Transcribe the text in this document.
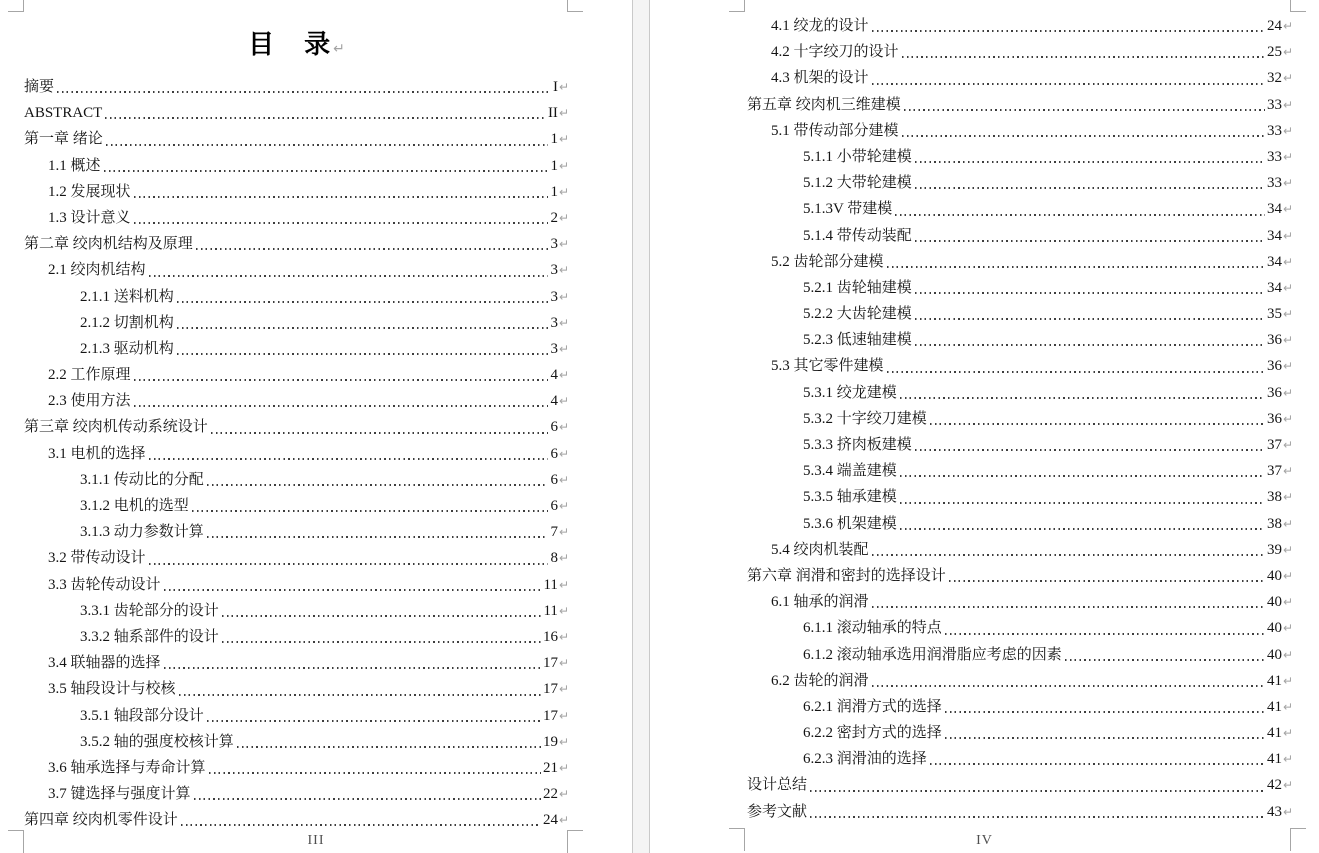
目　录↵
摘要	I ↵
ABSTRACT	II ↵
第一章 绪论	1 ↵
1.1 概述	1 ↵
1.2 发展现状	1 ↵
1.3 设计意义	2 ↵
第二章 绞肉机结构及原理	3 ↵
2.1 绞肉机结构	3 ↵
2.1.1 送料机构	3 ↵
2.1.2 切割机构	3 ↵
2.1.3 驱动机构	3 ↵
2.2 工作原理	4 ↵
2.3 使用方法	4 ↵
第三章 绞肉机传动系统设计	6 ↵
3.1 电机的选择	6 ↵
3.1.1 传动比的分配	6 ↵
3.1.2 电机的选型	6 ↵
3.1.3 动力参数计算	7 ↵
3.2 带传动设计	8 ↵
3.3 齿轮传动设计	11 ↵
3.3.1 齿轮部分的设计	11 ↵
3.3.2 轴系部件的设计	16 ↵
3.4 联轴器的选择	17 ↵
3.5 轴段设计与校核	17 ↵
3.5.1 轴段部分设计	17 ↵
3.5.2 轴的强度校核计算	19 ↵
3.6 轴承选择与寿命计算	21 ↵
3.7 键选择与强度计算	22 ↵
第四章 绞肉机零件设计	24 ↵
III
4.1 绞龙的设计	24 ↵
4.2 十字绞刀的设计	25 ↵
4.3 机架的设计	32 ↵
第五章 绞肉机三维建模	33 ↵
5.1 带传动部分建模	33 ↵
5.1.1 小带轮建模	33 ↵
5.1.2 大带轮建模	33 ↵
5.1.3V 带建模	34 ↵
5.1.4 带传动装配	34 ↵
5.2 齿轮部分建模	34 ↵
5.2.1 齿轮轴建模	34 ↵
5.2.2 大齿轮建模	35 ↵
5.2.3 低速轴建模	36 ↵
5.3 其它零件建模	36 ↵
5.3.1 绞龙建模	36 ↵
5.3.2 十字绞刀建模	36 ↵
5.3.3 挤肉板建模	37 ↵
5.3.4 端盖建模	37 ↵
5.3.5 轴承建模	38 ↵
5.3.6 机架建模	38 ↵
5.4 绞肉机装配	39 ↵
第六章 润滑和密封的选择设计	40 ↵
6.1 轴承的润滑	40 ↵
6.1.1 滚动轴承的特点	40 ↵
6.1.2 滚动轴承选用润滑脂应考虑的因素	40 ↵
6.2 齿轮的润滑	41 ↵
6.2.1 润滑方式的选择	41 ↵
6.2.2 密封方式的选择	41 ↵
6.2.3 润滑油的选择	41 ↵
设计总结	42 ↵
参考文献	43 ↵
IV
